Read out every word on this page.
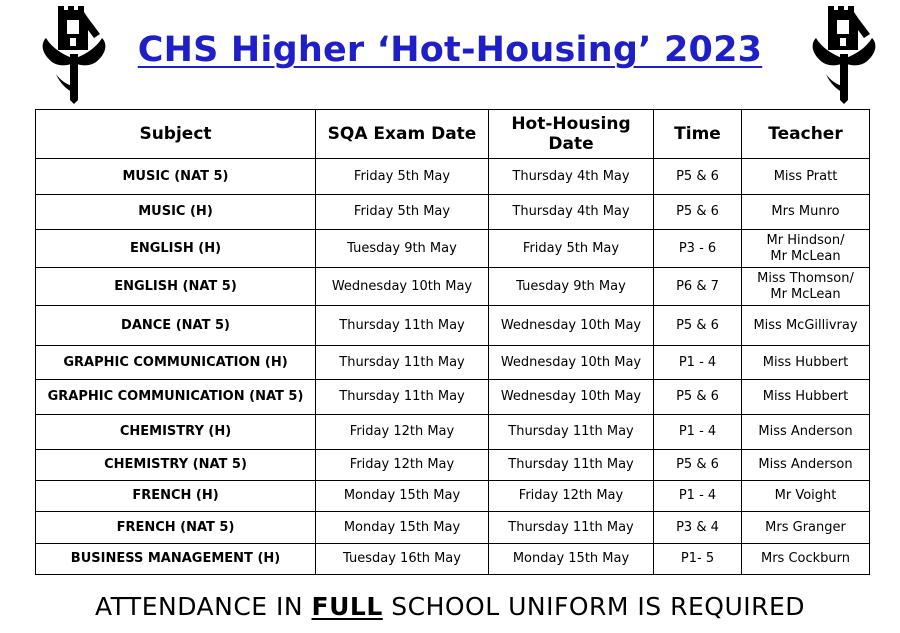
CHS Higher ‘Hot-Housing’ 2023
Subject	SQA Exam Date	Hot-Housing Date	Time	Teacher
MUSIC (NAT 5)	Friday 5th May	Thursday 4th May	P5 & 6	Miss Pratt

MUSIC (H)	Friday 5th May	Thursday 4th May	P5 & 6	Mrs Munro

ENGLISH (H)	Tuesday 9th May	Friday 5th May	P3 - 6	Mr Hindson/
Mr McLean

ENGLISH (NAT 5)	Wednesday 10th May	Tuesday 9th May	P6 & 7	Miss Thomson/
Mr McLean

DANCE (NAT 5)	Thursday 11th May	Wednesday 10th May	P5 & 6	Miss McGillivray

GRAPHIC COMMUNICATION (H)	Thursday 11th May	Wednesday 10th May	P1 - 4	Miss Hubbert

GRAPHIC COMMUNICATION (NAT 5)	Thursday 11th May	Wednesday 10th May	P5 & 6	Miss Hubbert

CHEMISTRY (H)	Friday 12th May	Thursday 11th May	P1 - 4	Miss Anderson

CHEMISTRY (NAT 5)	Friday 12th May	Thursday 11th May	P5 & 6	Miss Anderson

FRENCH (H)	Monday 15th May	Friday 12th May	P1 - 4	Mr Voight

FRENCH (NAT 5)	Monday 15th May	Thursday 11th May	P3 & 4	Mrs Granger

BUSINESS MANAGEMENT (H)	Tuesday 16th May	Monday 15th May	P1- 5	Mrs Cockburn
ATTENDANCE IN FULL SCHOOL UNIFORM IS REQUIRED
